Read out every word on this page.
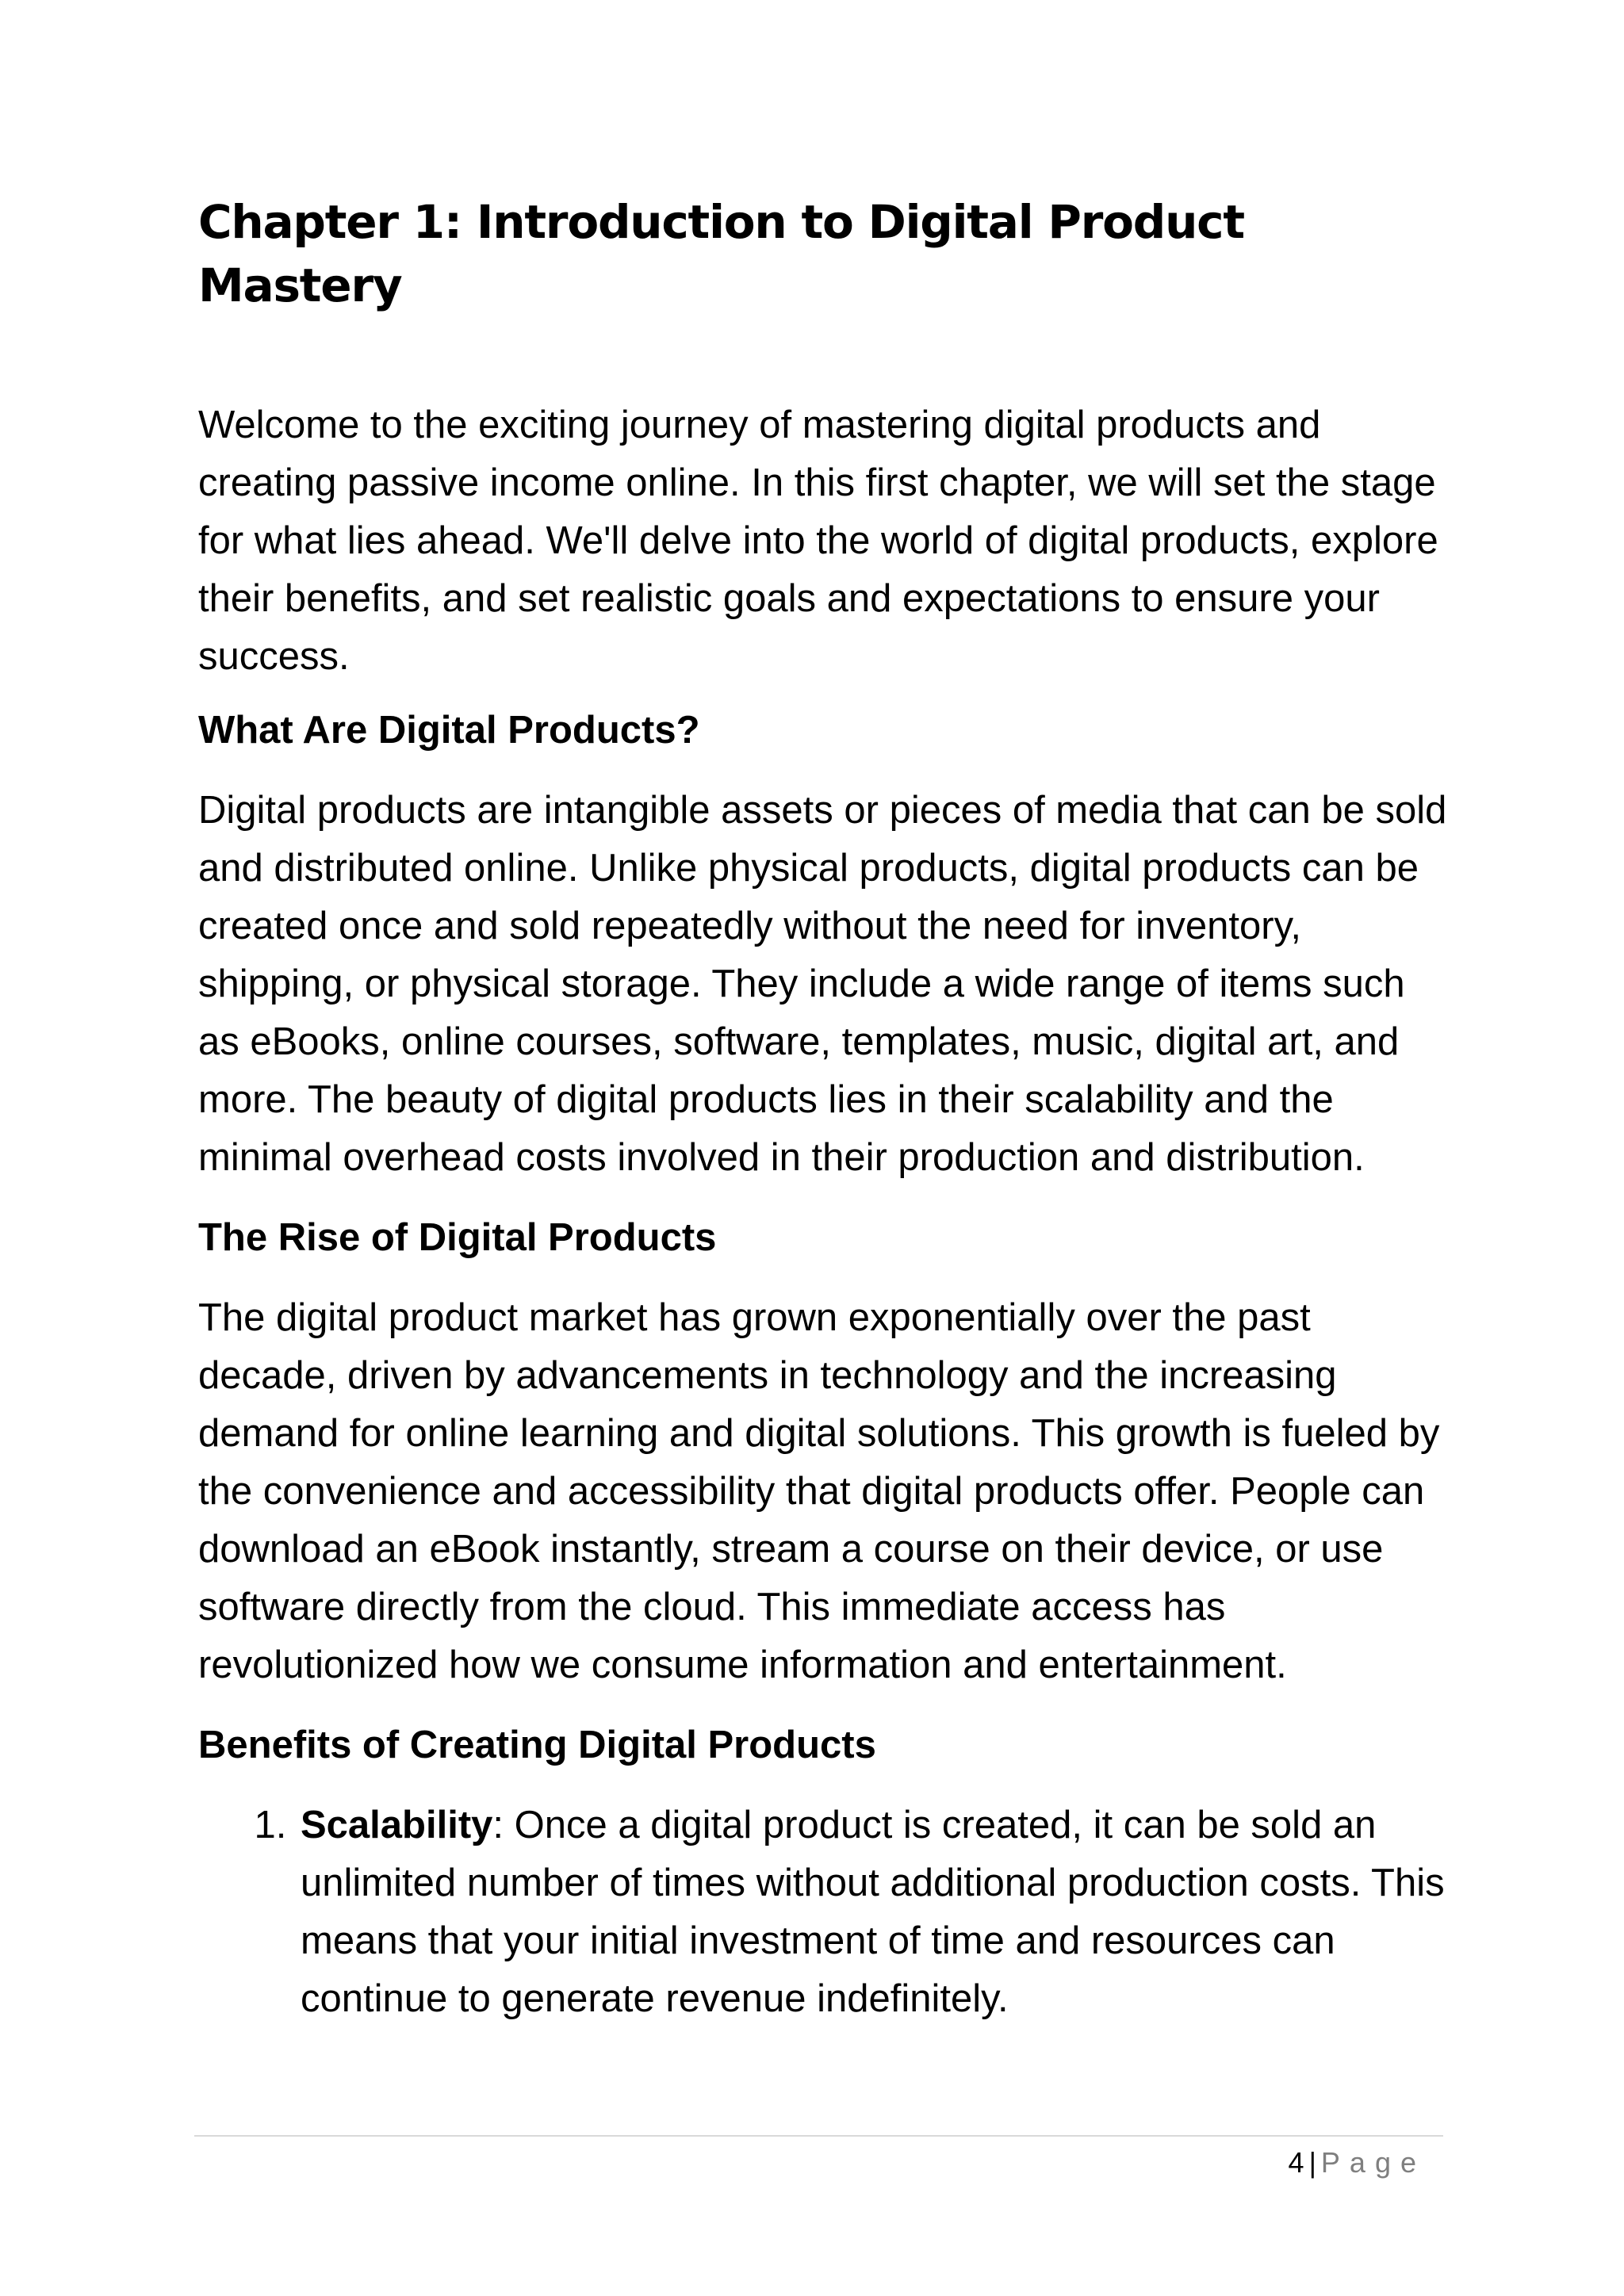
Chapter 1: Introduction to Digital Product Mastery

Welcome to the exciting journey of mastering digital products and creating passive income online. In this first chapter, we will set the stage for what lies ahead. We'll delve into the world of digital products, explore their benefits, and set realistic goals and expectations to ensure your success.

What Are Digital Products?

Digital products are intangible assets or pieces of media that can be sold and distributed online. Unlike physical products, digital products can be created once and sold repeatedly without the need for inventory, shipping, or physical storage. They include a wide range of items such as eBooks, online courses, software, templates, music, digital art, and more. The beauty of digital products lies in their scalability and the minimal overhead costs involved in their production and distribution.

The Rise of Digital Products

The digital product market has grown exponentially over the past decade, driven by advancements in technology and the increasing demand for online learning and digital solutions. This growth is fueled by the convenience and accessibility that digital products offer. People can download an eBook instantly, stream a course on their device, or use software directly from the cloud. This immediate access has revolutionized how we consume information and entertainment.

Benefits of Creating Digital Products
1. Scalability: Once a digital product is created, it can be sold an unlimited number of times without additional production costs. This means that your initial investment of time and resources can continue to generate revenue indefinitely.
4 | Page
